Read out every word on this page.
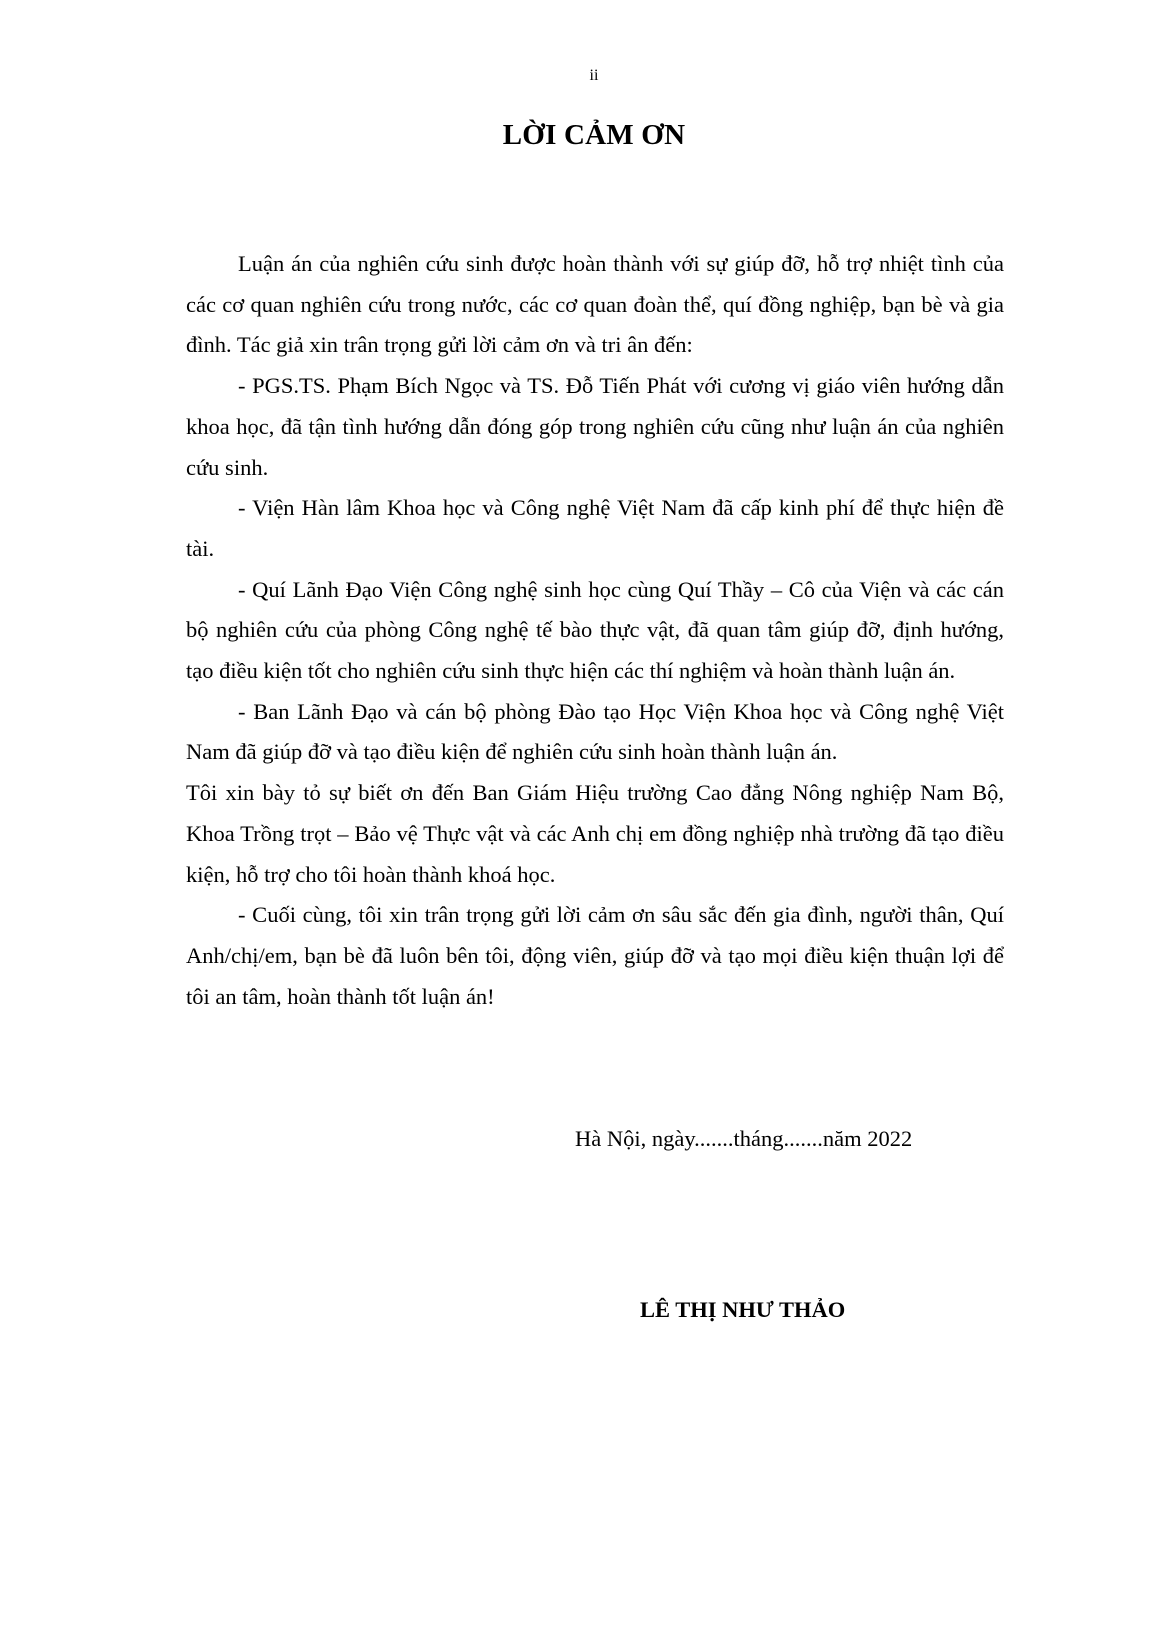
ii
LỜI CẢM ƠN

Luận án của nghiên cứu sinh được hoàn thành với sự giúp đỡ, hỗ trợ nhiệt tình của các cơ quan nghiên cứu trong nước, các cơ quan đoàn thể, quí đồng nghiệp, bạn bè và gia đình. Tác giả xin trân trọng gửi lời cảm ơn và tri ân đến:

- PGS.TS. Phạm Bích Ngọc và TS. Đỗ Tiến Phát với cương vị giáo viên hướng dẫn khoa học, đã tận tình hướng dẫn đóng góp trong nghiên cứu cũng như luận án của nghiên cứu sinh.

- Viện Hàn lâm Khoa học và Công nghệ Việt Nam đã cấp kinh phí để thực hiện đề tài.

- Quí Lãnh Đạo Viện Công nghệ sinh học cùng Quí Thầy – Cô của Viện và các cán bộ nghiên cứu của phòng Công nghệ tế bào thực vật, đã quan tâm giúp đỡ, định hướng, tạo điều kiện tốt cho nghiên cứu sinh thực hiện các thí nghiệm và hoàn thành luận án.

- Ban Lãnh Đạo và cán bộ phòng Đào tạo Học Viện Khoa học và Công nghệ Việt Nam đã giúp đỡ và tạo điều kiện để nghiên cứu sinh hoàn thành luận án.

Tôi xin bày tỏ sự biết ơn đến Ban Giám Hiệu trường Cao đẳng Nông nghiệp Nam Bộ, Khoa Trồng trọt – Bảo vệ Thực vật và các Anh chị em đồng nghiệp nhà trường đã tạo điều kiện, hỗ trợ cho tôi hoàn thành khoá học.

- Cuối cùng, tôi xin trân trọng gửi lời cảm ơn sâu sắc đến gia đình, người thân, Quí Anh/chị/em, bạn bè đã luôn bên tôi, động viên, giúp đỡ và tạo mọi điều kiện thuận lợi để tôi an tâm, hoàn thành tốt luận án!

Hà Nội, ngày.......tháng.......năm 2022
LÊ THỊ NHƯ THẢO
